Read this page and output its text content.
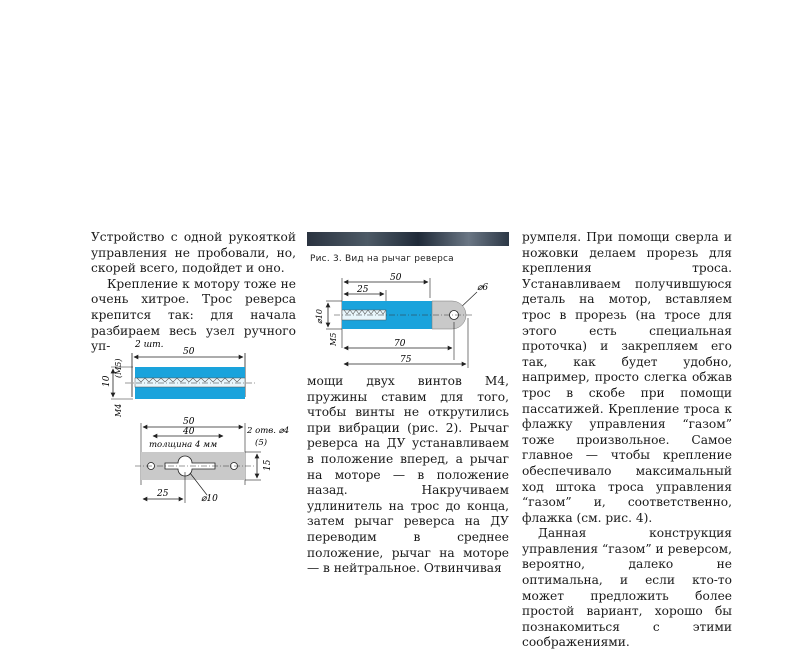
Устройство с одной рукояткой управления не пробовали, но, скорей всего, подойдет и оно.

Крепление к мотору тоже не очень хитрое. Трос реверса крепится так: для начала разбираем весь узел ручного уп-	2 шт.
50
10
(М5)
М4
50
40
толщина 4 мм
2 отв. ⌀4
(5)
15
25	⌀10
Рис. 3. Вид на рычаг реверса
50
25	⌀6
⌀10
М5	70
75

мощи двух винтов М4, пружины ставим для того, чтобы винты не открутились при вибрации (рис. 2). Рычаг реверса на ДУ устанавливаем в положение вперед, а рычаг на моторе — в положение назад. Накручиваем удлинитель на трос до конца, затем рычаг реверса на ДУ переводим в среднее положение, рычаг на моторе — в нейтральное. Отвинчивая

румпеля. При помощи сверла и ножовки делаем прорезь для крепления троса. Устанавливаем получившуюся деталь на мотор, вставляем трос в прорезь (на тросе для этого есть специальная проточка) и закрепляем его так, как будет удобно, например, просто слегка обжав трос в скобе при помощи пассатижей. Крепление троса к флажку управления “газом” тоже произвольное. Самое главное — чтобы крепление обеспечивало максимальный ход штока троса управления “газом” и, соответственно, флажка (см. рис. 4).

Данная конструкция управления “газом” и реверсом, вероятно, далеко не оптимальна, и если кто-то может предложить более простой вариант, хорошо бы познакомиться с этими соображениями.
